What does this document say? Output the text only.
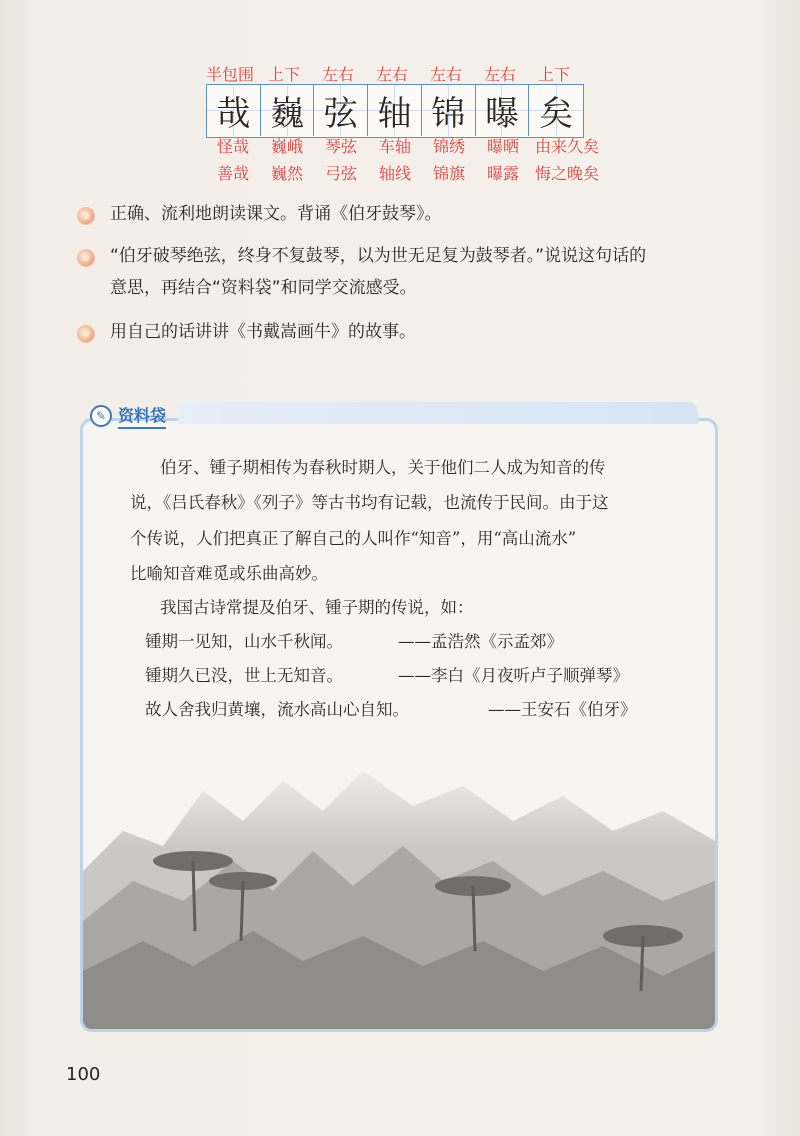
半包围 上下	左右	左右	左右	左右	上下
哉 巍 弦 轴 锦 曝 矣
怪哉	巍峨	琴弦	车轴	锦绣	曝晒 由来久矣
善哉	巍然	弓弦	轴线	锦旗	曝露 悔之晚矣
正确、流利地朗读课文。背诵《伯牙鼓琴》。
“伯牙破琴绝弦，终身不复鼓琴，以为世无足复为鼓琴者。”说说这句话的
意思，再结合“资料袋”和同学交流感受。
用自己的话讲讲《书戴嵩画牛》的故事。
✎ 资料袋
伯牙、锺子期相传为春秋时期人，关于他们二人成为知音的传
说，《吕氏春秋》《列子》等古书均有记载，也流传于民间。由于这
个传说，人们把真正了解自己的人叫作“知音”，用“高山流水”
比喻知音难觅或乐曲高妙。
我国古诗常提及伯牙、锺子期的传说，如：
锺期一见知，山水千秋闻。	——孟浩然《示孟郊》
锺期久已没，世上无知音。	——李白《月夜听卢子顺弹琴》
故人舍我归黄壤，流水高山心自知。	——王安石《伯牙》
100
